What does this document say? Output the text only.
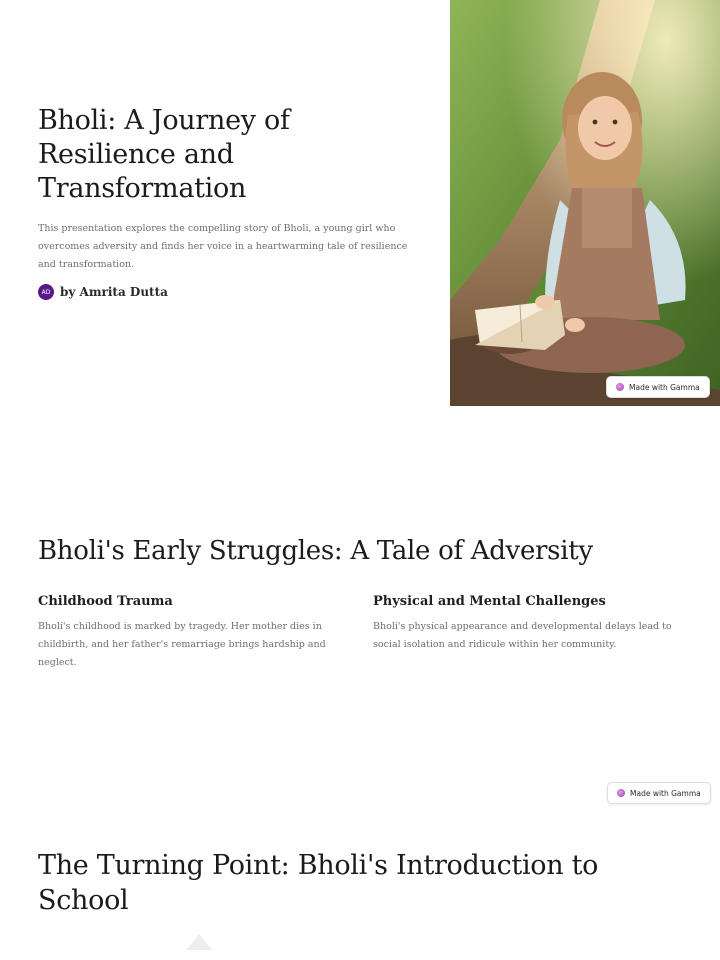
Bholi: A Journey of Resilience and Transformation

This presentation explores the compelling story of Bholi, a young girl who overcomes adversity and finds her voice in a heartwarming tale of resilience and transformation.

AD by Amrita Dutta
Made with Gamma
Bholi's Early Struggles: A Tale of Adversity
Childhood Trauma

Bholi's childhood is marked by tragedy. Her mother dies in childbirth, and her father's remarriage brings hardship and neglect.

Physical and Mental Challenges

Bholi's physical appearance and developmental delays lead to social isolation and ridicule within her community.

Made with Gamma
The Turning Point: Bholi's Introduction to School
